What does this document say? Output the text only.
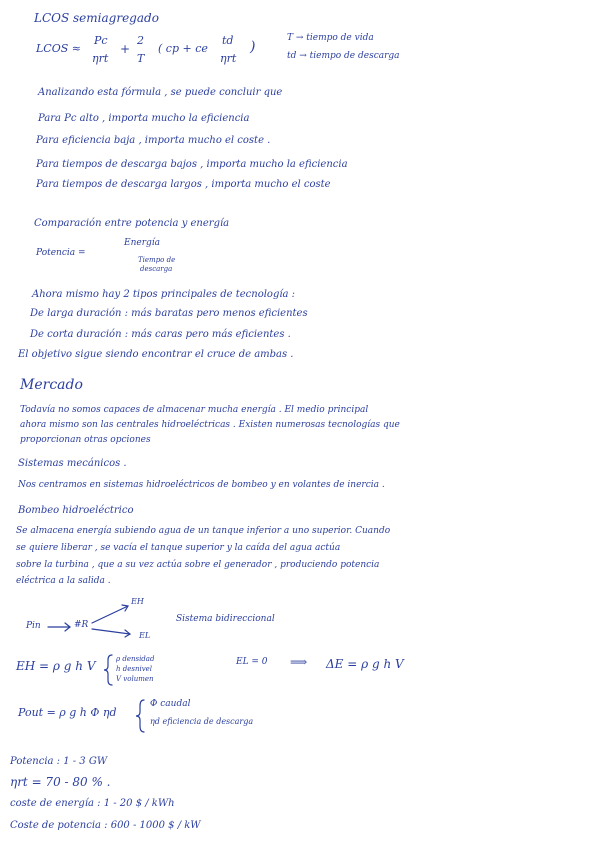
LCOS semiagregado
LCOS ≈
Pc
ηrt
+
2
T
( cp + ce
td
ηrt
)
T → tiempo de vida
td → tiempo de descarga
Analizando esta fórmula , se puede concluir que
Para Pc alto , importa mucho la eficiencia
Para eficiencia baja , importa mucho el coste .
Para tiempos de descarga bajos , importa mucho la eficiencia
Para tiempos de descarga largos , importa mucho el coste
Comparación entre potencia y energía
Potencia =
Energía
Tiempo de
descarga
Ahora mismo hay 2 tipos principales de tecnología :
De larga duración : más baratas pero menos eficientes
De corta duración : más caras pero más eficientes .
El objetivo sigue siendo encontrar el cruce de ambas .
Mercado
Todavía no somos capaces de almacenar mucha energía . El medio principal
ahora mismo son las centrales hidroeléctricas . Existen numerosas tecnologías que
proporcionan otras opciones
Sistemas mecánicos .
Nos centramos en sistemas hidroeléctricos de bombeo y en volantes de inercia .
Bombeo hidroeléctrico
Se almacena energía subiendo agua de un tanque inferior a uno superior. Cuando
se quiere liberar , se vacía el tanque superior y la caída del agua actúa
sobre la turbina , que a su vez actúa sobre el generador , produciendo potencia
eléctrica a la salida .
Pin	#R
EH
EL
Sistema bidireccional
EH = ρ g h V	ρ densidad
h desnivel
V volumen
EL = 0 ⟹ ΔE = ρ g h V
Pout = ρ g h Φ ηd
Φ caudal
ηd eficiencia de descarga
Potencia : 1 - 3 GW
ηrt = 70 - 80 % .
coste de energía : 1 - 20 $ / kWh
Coste de potencia : 600 - 1000 $ / kW
